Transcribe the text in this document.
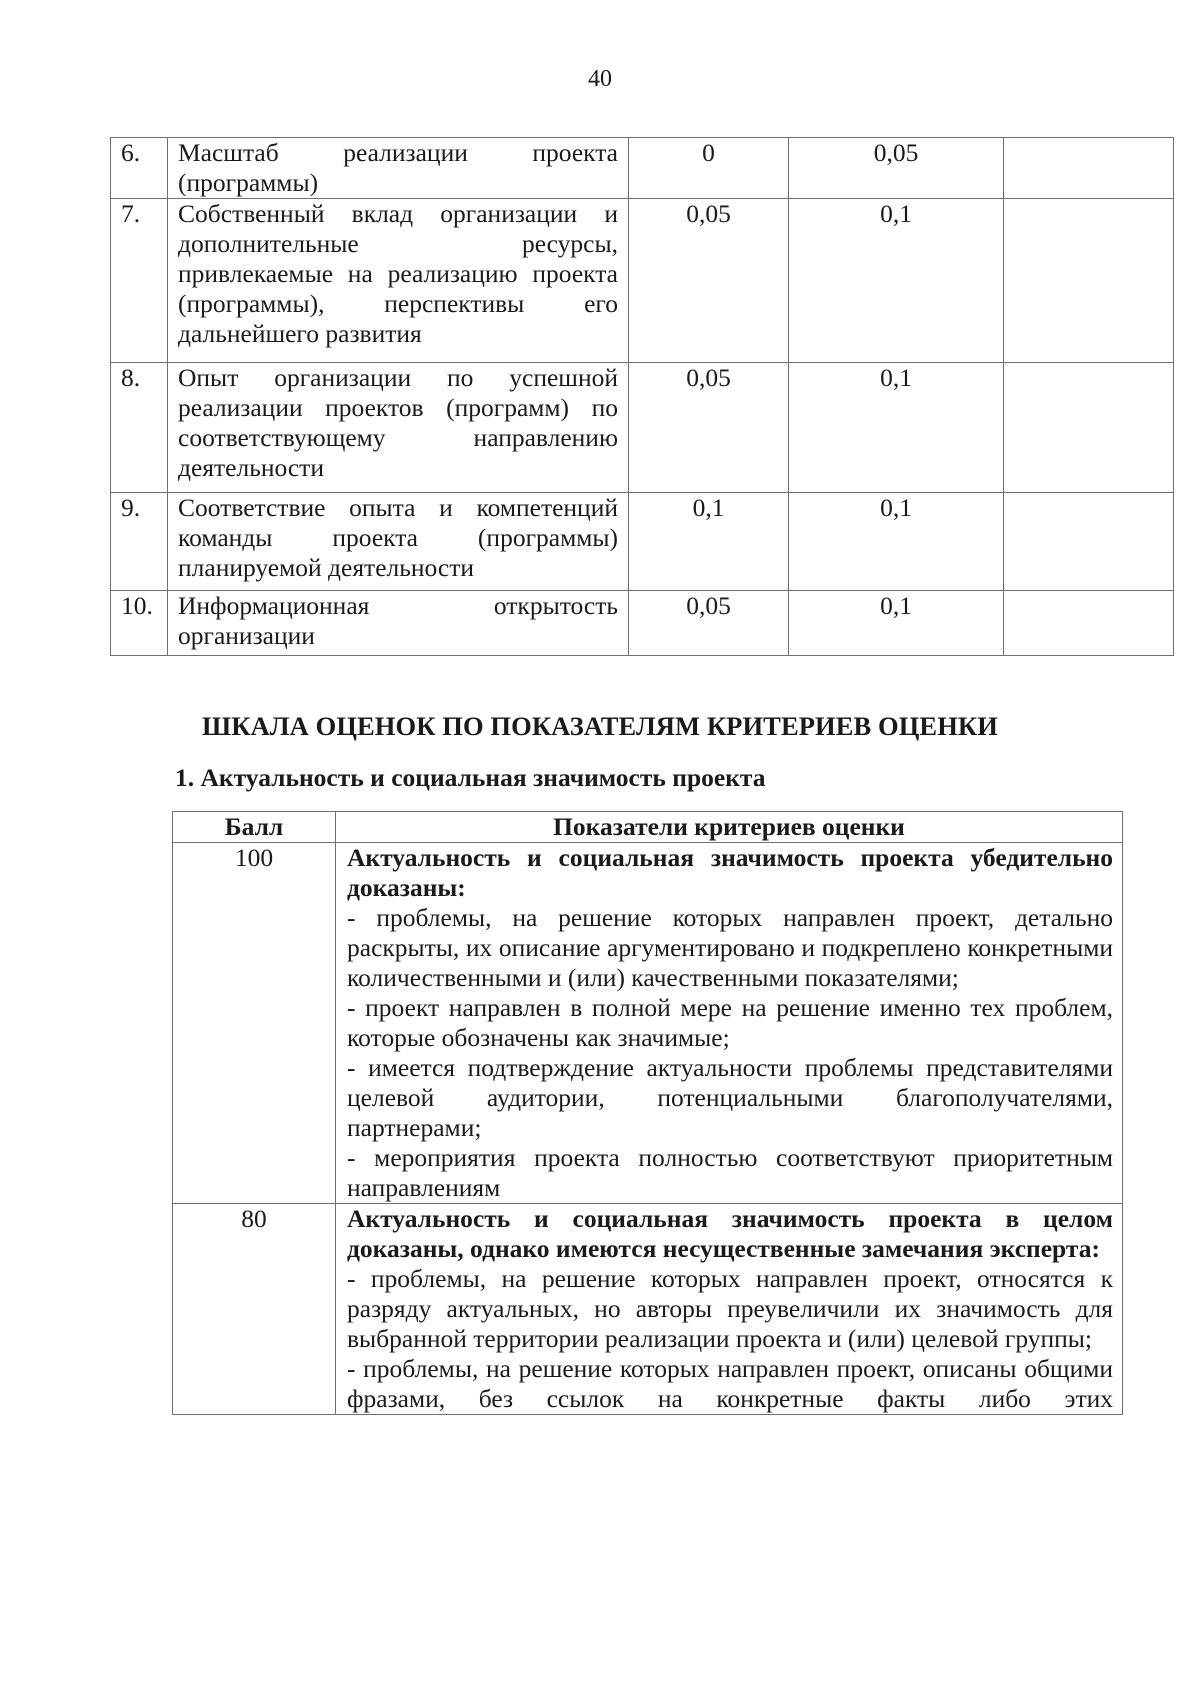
40
6.	Масштаб реализации проекта (программы)	0	0,05	
7.	Собственный вклад организации и дополнительные ресурсы, привлекаемые на реализацию проекта (программы), перспективы его дальнейшего развития	0,05	0,1	
8.	Опыт организации по успешной реализации проектов (программ) по соответствующему направлению деятельности	0,05	0,1	
9.	Соответствие опыта и компетенций команды проекта (программы) планируемой деятельности	0,1	0,1	
10.	Информационная открытость организации	0,05	0,1	
ШКАЛА ОЦЕНОК ПО ПОКАЗАТЕЛЯМ КРИТЕРИЕВ ОЦЕНКИ
1. Актуальность и социальная значимость проекта
Балл	Показатели критериев оценки
100	Актуальность и социальная значимость проекта убедительно доказаны:
- проблемы, на решение которых направлен проект, детально раскрыты, их описание аргументировано и подкреплено конкретными количественными и (или) качественными показателями;
- проект направлен в полной мере на решение именно тех проблем, которые обозначены как значимые;
- имеется подтверждение актуальности проблемы представителями целевой аудитории, потенциальными благополучателями, партнерами;
- мероприятия проекта полностью соответствуют приоритетным направлениям

80	Актуальность и социальная значимость проекта в целом доказаны, однако имеются несущественные замечания эксперта:
- проблемы, на решение которых направлен проект, относятся к разряду актуальных, но авторы преувеличили их значимость для выбранной территории реализации проекта и (или) целевой группы;
- проблемы, на решение которых направлен проект, описаны общими фразами, без ссылок на конкретные факты либо этих
